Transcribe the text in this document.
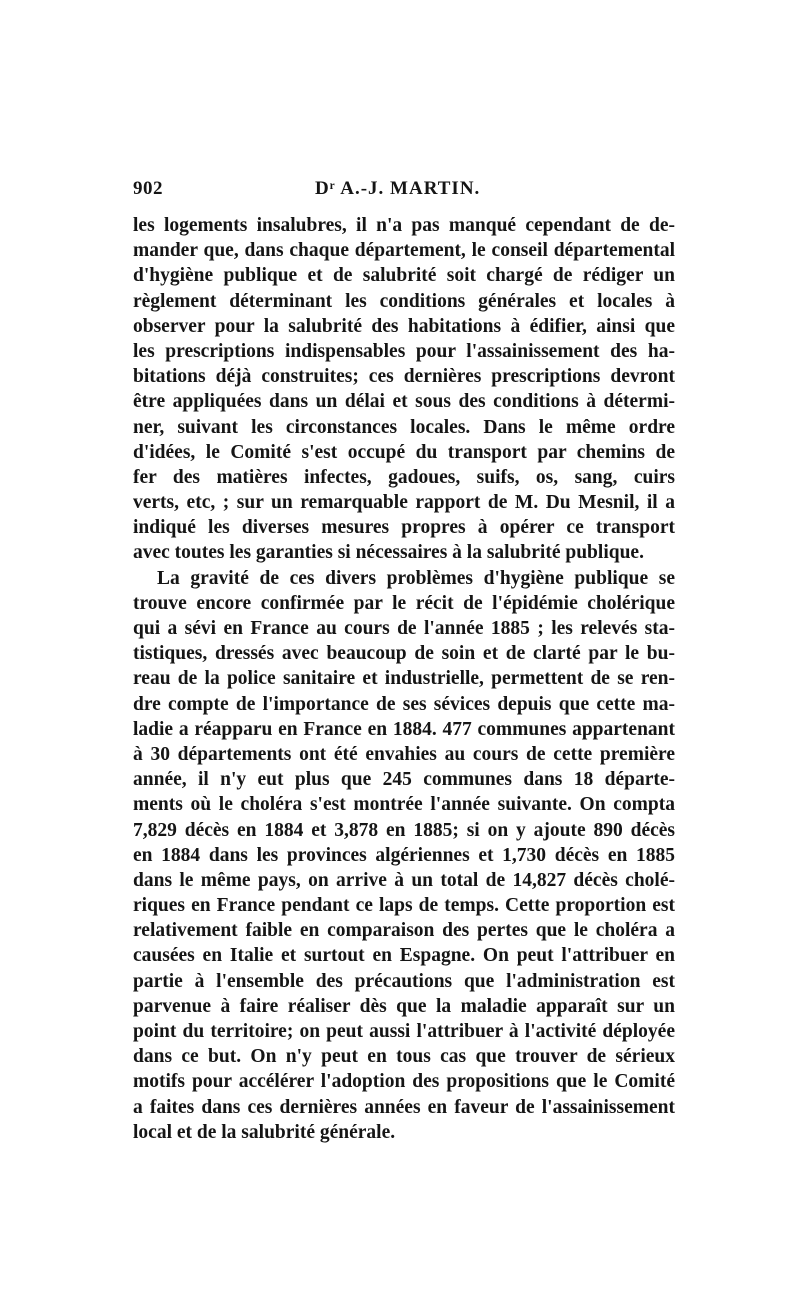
902	Dʳ A.-J. MARTIN.
les logements insalubres, il n'a pas manqué cependant de de-
mander que, dans chaque département, le conseil départemental
d'hygiène publique et de salubrité soit chargé de rédiger un
règlement déterminant les conditions générales et locales à
observer pour la salubrité des habitations à édifier, ainsi que
les prescriptions indispensables pour l'assainissement des ha-
bitations déjà construites; ces dernières prescriptions devront
être appliquées dans un délai et sous des conditions à détermi-
ner, suivant les circonstances locales. Dans le même ordre
d'idées, le Comité s'est occupé du transport par chemins de
fer des matières infectes, gadoues, suifs, os, sang, cuirs
verts, etc, ; sur un remarquable rapport de M. Du Mesnil, il a
indiqué les diverses mesures propres à opérer ce transport
avec toutes les garanties si nécessaires à la salubrité publique.
La gravité de ces divers problèmes d'hygiène publique se
trouve encore confirmée par le récit de l'épidémie cholérique
qui a sévi en France au cours de l'année 1885 ; les relevés sta-
tistiques, dressés avec beaucoup de soin et de clarté par le bu-
reau de la police sanitaire et industrielle, permettent de se ren-
dre compte de l'importance de ses sévices depuis que cette ma-
ladie a réapparu en France en 1884. 477 communes appartenant
à 30 départements ont été envahies au cours de cette première
année, il n'y eut plus que 245 communes dans 18 départe-
ments où le choléra s'est montrée l'année suivante. On compta
7,829 décès en 1884 et 3,878 en 1885; si on y ajoute 890 décès
en 1884 dans les provinces algériennes et 1,730 décès en 1885
dans le même pays, on arrive à un total de 14,827 décès cholé-
riques en France pendant ce laps de temps. Cette proportion est
relativement faible en comparaison des pertes que le choléra a
causées en Italie et surtout en Espagne. On peut l'attribuer en
partie à l'ensemble des précautions que l'administration est
parvenue à faire réaliser dès que la maladie apparaît sur un
point du territoire; on peut aussi l'attribuer à l'activité déployée
dans ce but. On n'y peut en tous cas que trouver de sérieux
motifs pour accélérer l'adoption des propositions que le Comité
a faites dans ces dernières années en faveur de l'assainissement
local et de la salubrité générale.
